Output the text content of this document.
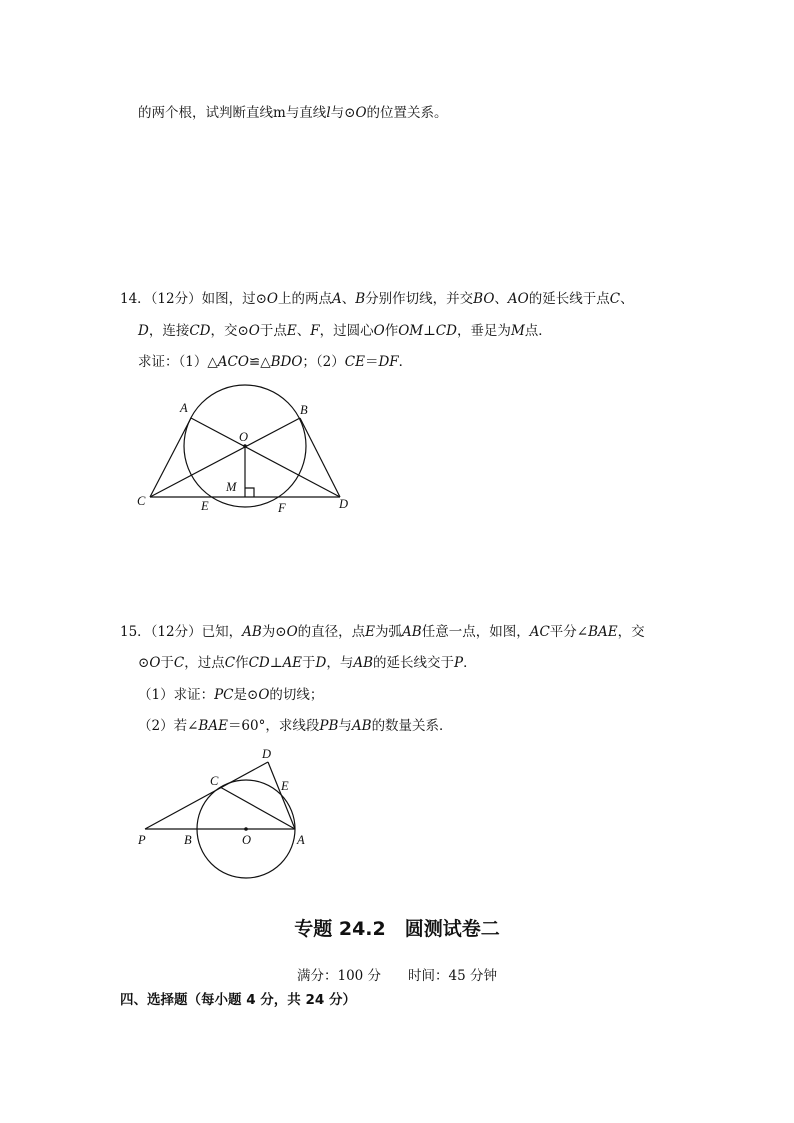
的两个根，试判断直线m与直线l与⊙O的位置关系。
14．（12分）如图，过⊙O上的两点A、B分别作切线，并交BO、AO的延长线于点C、
D，连接CD，交⊙O于点E、F，过圆心O作OM⊥CD，垂足为M点．
求证：（1）△ACO≌△BDO；（2）CE＝DF．
A	B
O
M
C	E	F	D
15．（12分）已知，AB为⊙O的直径，点E为弧AB任意一点，如图，AC平分∠BAE，交
⊙O于C，过点C作CD⊥AE于D，与AB的延长线交于P．
（1）求证：PC是⊙O的切线；
（2）若∠BAE＝60°，求线段PB与AB的数量关系．
D
C	E
P	B	O	A
专题 24.2　圆测试卷二
满分：100 分　　时间：45 分钟
四、选择题（每小题 4 分，共 24 分）
